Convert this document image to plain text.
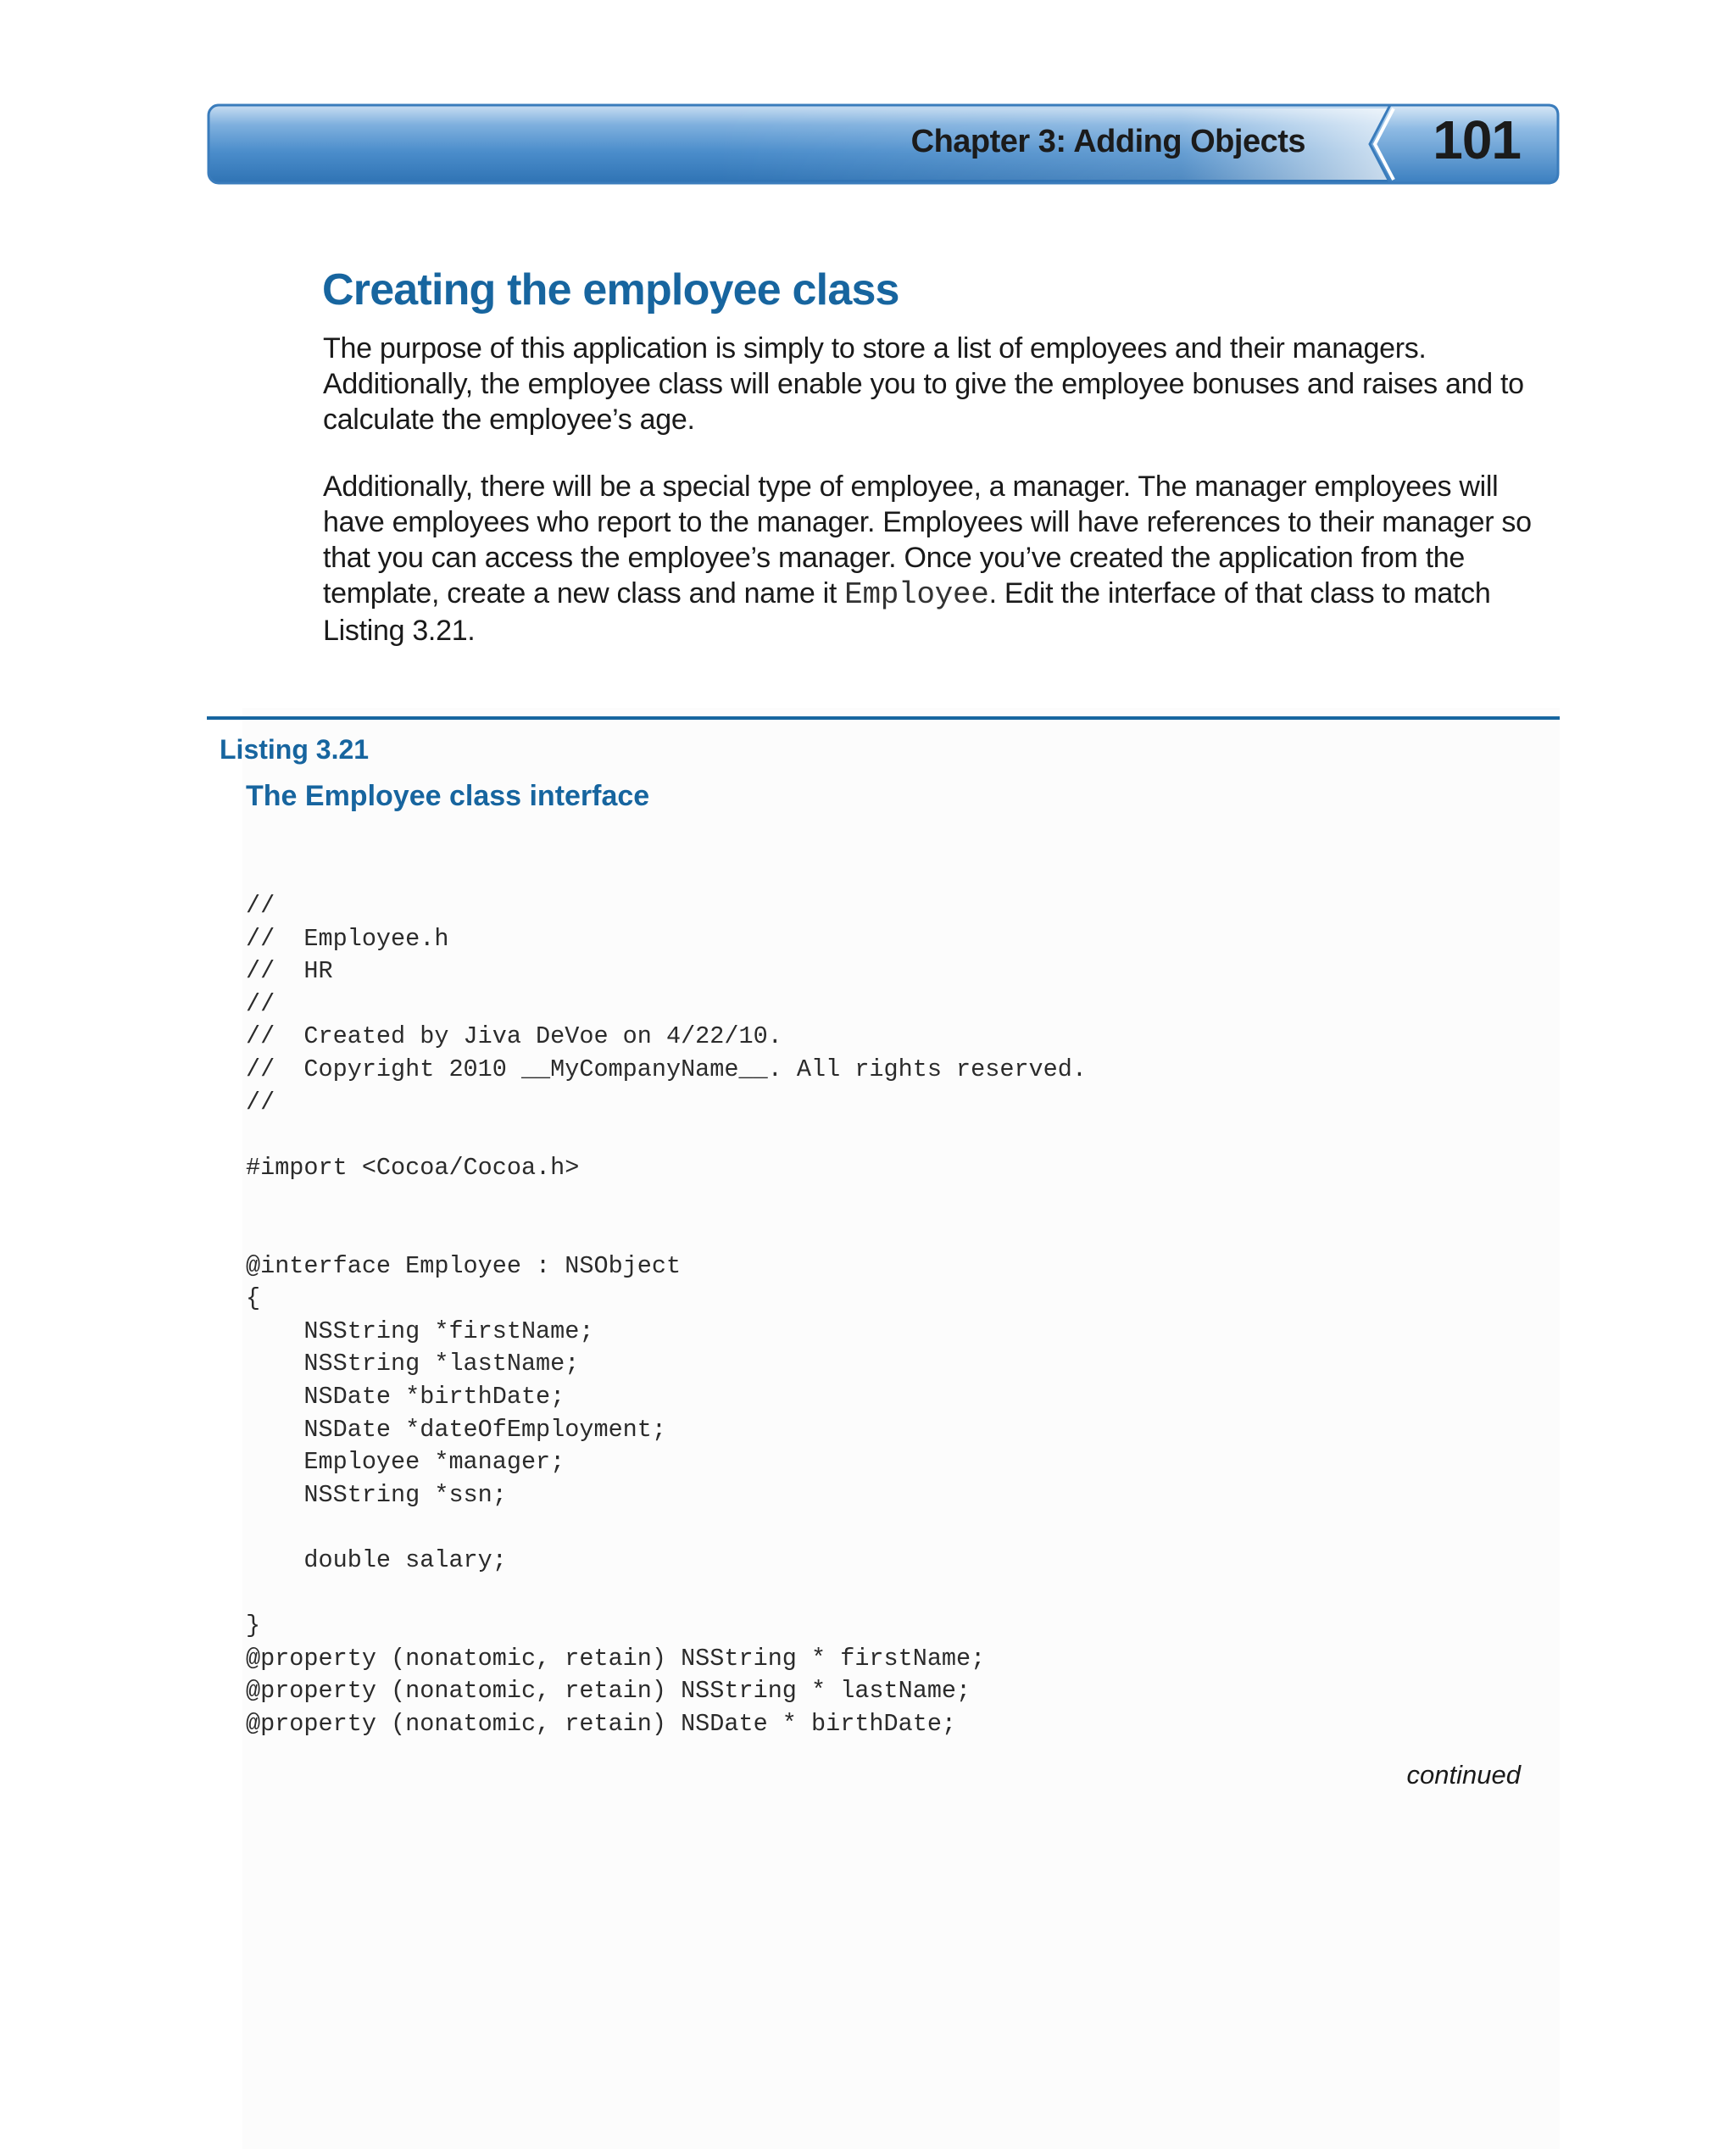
Chapter 3: Adding Objects 101
Creating the employee class

The purpose of this application is simply to store a list of employees and their managers. Additionally, the employee class will enable you to give the employee bonuses and raises and to calculate the employee’s age.

Additionally, there will be a special type of employee, a manager. The manager employees will have employees who report to the manager. Employees will have references to their manager so that you can access the employee’s manager. Once you’ve created the application from the template, create a new class and name it Employee. Edit the interface of that class to match Listing 3.21.

Listing 3.21
The Employee class interface
//
//  Employee.h
//  HR
//
//  Created by Jiva DeVoe on 4/22/10.
//  Copyright 2010 __MyCompanyName__. All rights reserved.
//
#import <Cocoa/Cocoa.h>
@interface Employee : NSObject
{
NSString *firstName;
NSString *lastName;
NSDate *birthDate;
NSDate *dateOfEmployment;
Employee *manager;
NSString *ssn;
double salary;
}
@property (nonatomic, retain) NSString * firstName;
@property (nonatomic, retain) NSString * lastName;
@property (nonatomic, retain) NSDate * birthDate;
continued
